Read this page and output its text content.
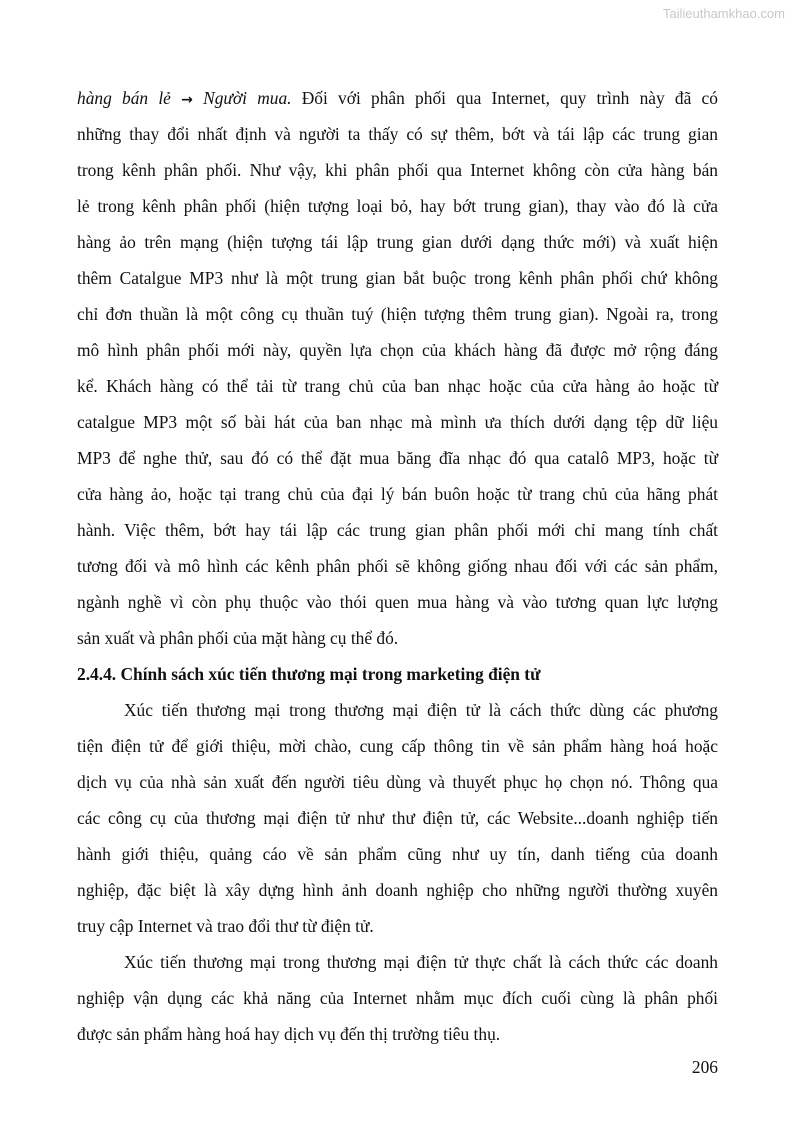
Tailieuthamkhao.com
hàng bán lẻ → Người mua. Đối với phân phối qua Internet, quy trình này đã có
những thay đổi nhất định và người ta thấy có sự thêm, bớt và tái lập các trung gian
trong kênh phân phối. Như vậy, khi phân phối qua Internet không còn cửa hàng bán
lẻ trong kênh phân phối (hiện tượng loại bỏ, hay bớt trung gian), thay vào đó là cửa
hàng ảo trên mạng (hiện tượng tái lập trung gian dưới dạng thức mới) và xuất hiện
thêm Catalgue MP3 như là một trung gian bắt buộc trong kênh phân phối chứ không
chỉ đơn thuần là một công cụ thuần tuý (hiện tượng thêm trung gian). Ngoài ra, trong
mô hình phân phối mới này, quyền lựa chọn của khách hàng đã được mở rộng đáng
kể. Khách hàng có thể tải từ trang chủ của ban nhạc hoặc của cửa hàng ảo hoặc từ
catalgue MP3 một số bài hát của ban nhạc mà mình ưa thích dưới dạng tệp dữ liệu
MP3 để nghe thử, sau đó có thể đặt mua băng đĩa nhạc đó qua catalô MP3, hoặc từ
cửa hàng ảo, hoặc tại trang chủ của đại lý bán buôn hoặc từ trang chủ của hãng phát
hành. Việc thêm, bớt hay tái lập các trung gian phân phối mới chỉ mang tính chất
tương đối và mô hình các kênh phân phối sẽ không giống nhau đối với các sản phẩm,
ngành nghề vì còn phụ thuộc vào thói quen mua hàng và vào tương quan lực lượng
sản xuất và phân phối của mặt hàng cụ thể đó.
2.4.4. Chính sách xúc tiến thương mại trong marketing điện tử
Xúc tiến thương mại trong thương mại điện tử là cách thức dùng các phương
tiện điện tử để giới thiệu, mời chào, cung cấp thông tin về sản phẩm hàng hoá hoặc
dịch vụ của nhà sản xuất đến người tiêu dùng và thuyết phục họ chọn nó. Thông qua
các công cụ của thương mại điện tử như thư điện tử, các Website...doanh nghiệp tiến
hành giới thiệu, quảng cáo về sản phẩm cũng như uy tín, danh tiếng của doanh
nghiệp, đặc biệt là xây dựng hình ảnh doanh nghiệp cho những người thường xuyên
truy cập Internet và trao đổi thư từ điện tử.
Xúc tiến thương mại trong thương mại điện tử thực chất là cách thức các doanh
nghiệp vận dụng các khả năng của Internet nhằm mục đích cuối cùng là phân phối
được sản phẩm hàng hoá hay dịch vụ đến thị trường tiêu thụ.
206
